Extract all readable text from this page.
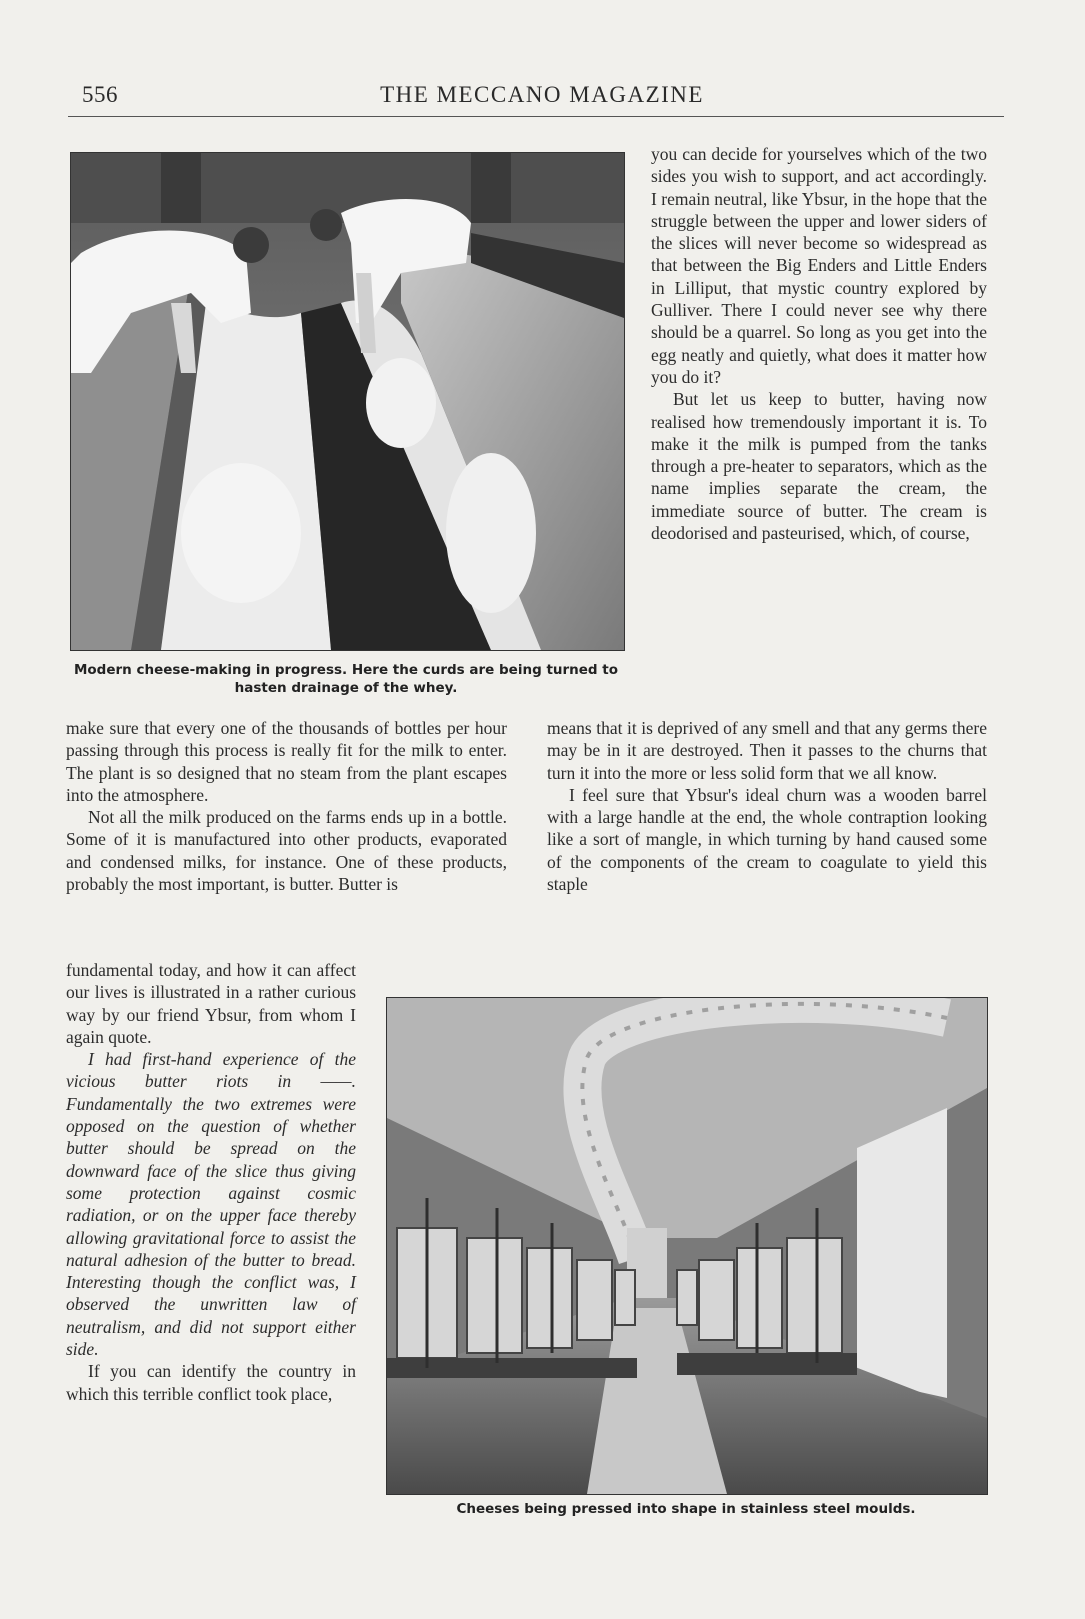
556	THE MECCANO MAGAZINE
Modern cheese-making in progress. Here the curds are being turned to hasten drainage of the whey.

you can decide for yourselves which of the two sides you wish to support, and act accordingly. I remain neutral, like Ybsur, in the hope that the struggle between the upper and lower siders of the slices will never become so widespread as that between the Big Enders and Little Enders in Lilliput, that mystic country explored by Gulliver. There I could never see why there should be a quarrel. So long as you get into the egg neatly and quietly, what does it matter how you do it?

But let us keep to butter, having now realised how tremendously important it is. To make it the milk is pumped from the tanks through a pre-heater to separators, which as the name implies separate the cream, the immediate source of butter. The cream is deodorised and pasteurised, which, of course,

make sure that every one of the thousands of bottles per hour passing through this process is really fit for the milk to enter. The plant is so designed that no steam from the plant escapes into the atmosphere.

Not all the milk produced on the farms ends up in a bottle. Some of it is manufactured into other products, evaporated and condensed milks, for instance. One of these products, probably the most important, is butter. Butter is

means that it is deprived of any smell and that any germs there may be in it are destroyed. Then it passes to the churns that turn it into the more or less solid form that we all know.

I feel sure that Ybsur's ideal churn was a wooden barrel with a large handle at the end, the whole contraption looking like a sort of mangle, in which turning by hand caused some of the components of the cream to coagulate to yield this staple

fundamental today, and how it can affect our lives is illustrated in a rather curious way by our friend Ybsur, from whom I again quote.

I had first-hand experience of the vicious butter riots in ——. Fundamentally the two extremes were opposed on the question of whether butter should be spread on the downward face of the slice thus giving some protection against cosmic radiation, or on the upper face thereby allowing gravitational force to assist the natural adhesion of the butter to bread. Interesting though the conflict was, I observed the unwritten law of neutralism, and did not support either side.

If you can identify the country in which this terrible conflict took place,

Cheeses being pressed into shape in stainless steel moulds.
